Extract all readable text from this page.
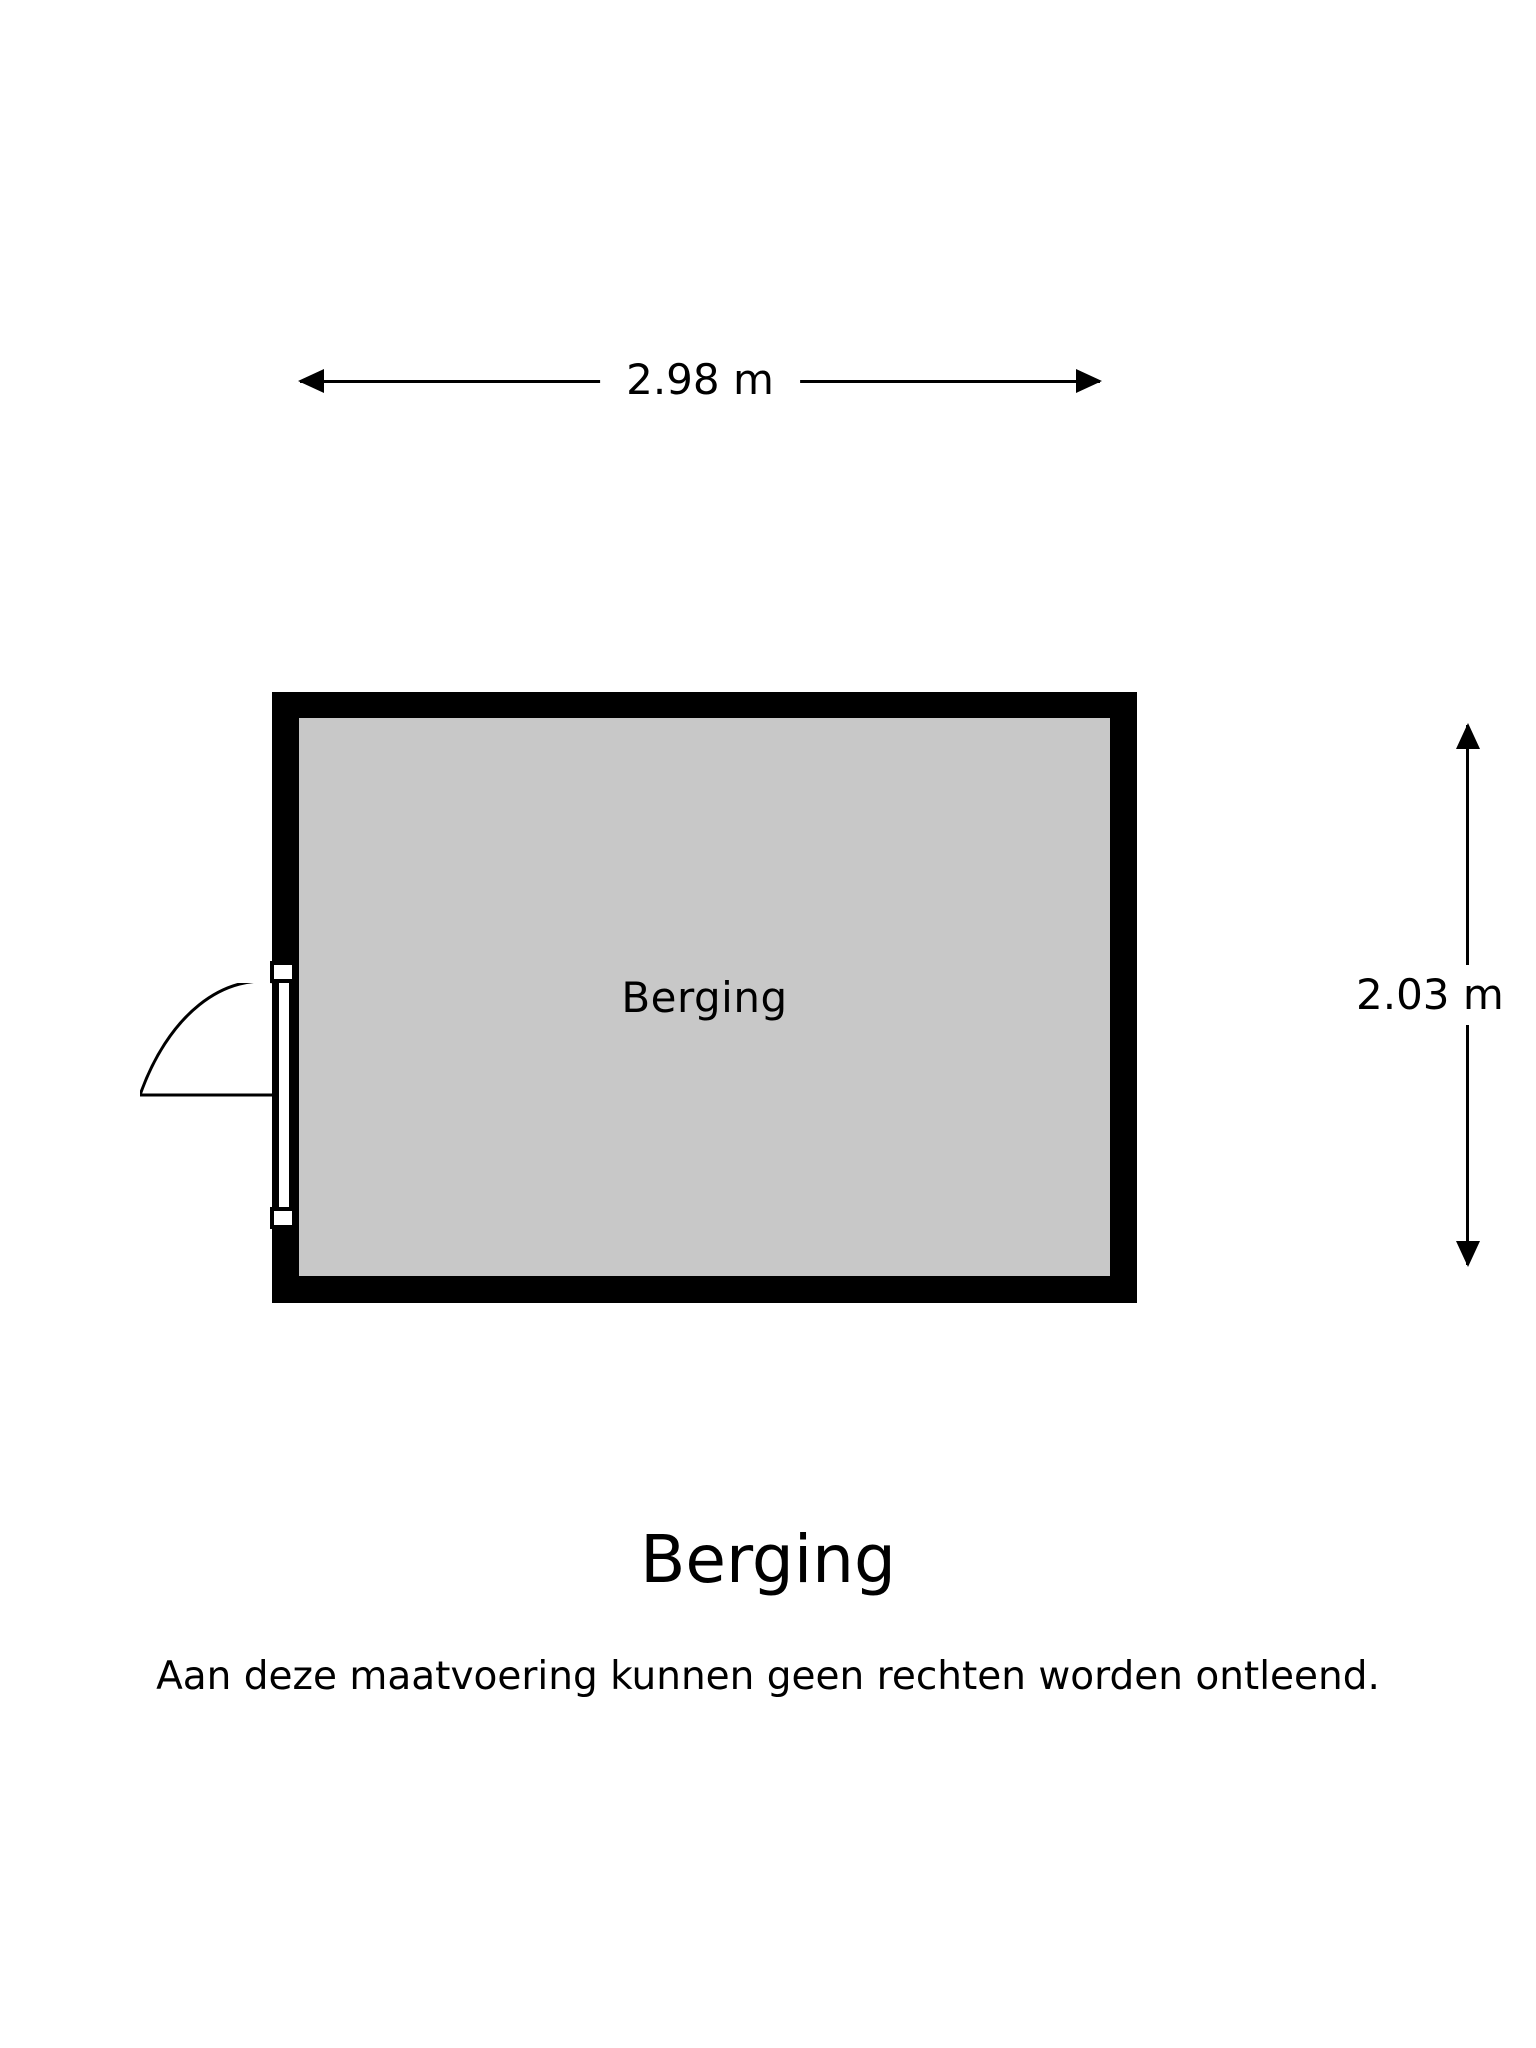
2.98 m
Berging	2.03 m
Berging
Aan deze maatvoering kunnen geen rechten worden ontleend.
